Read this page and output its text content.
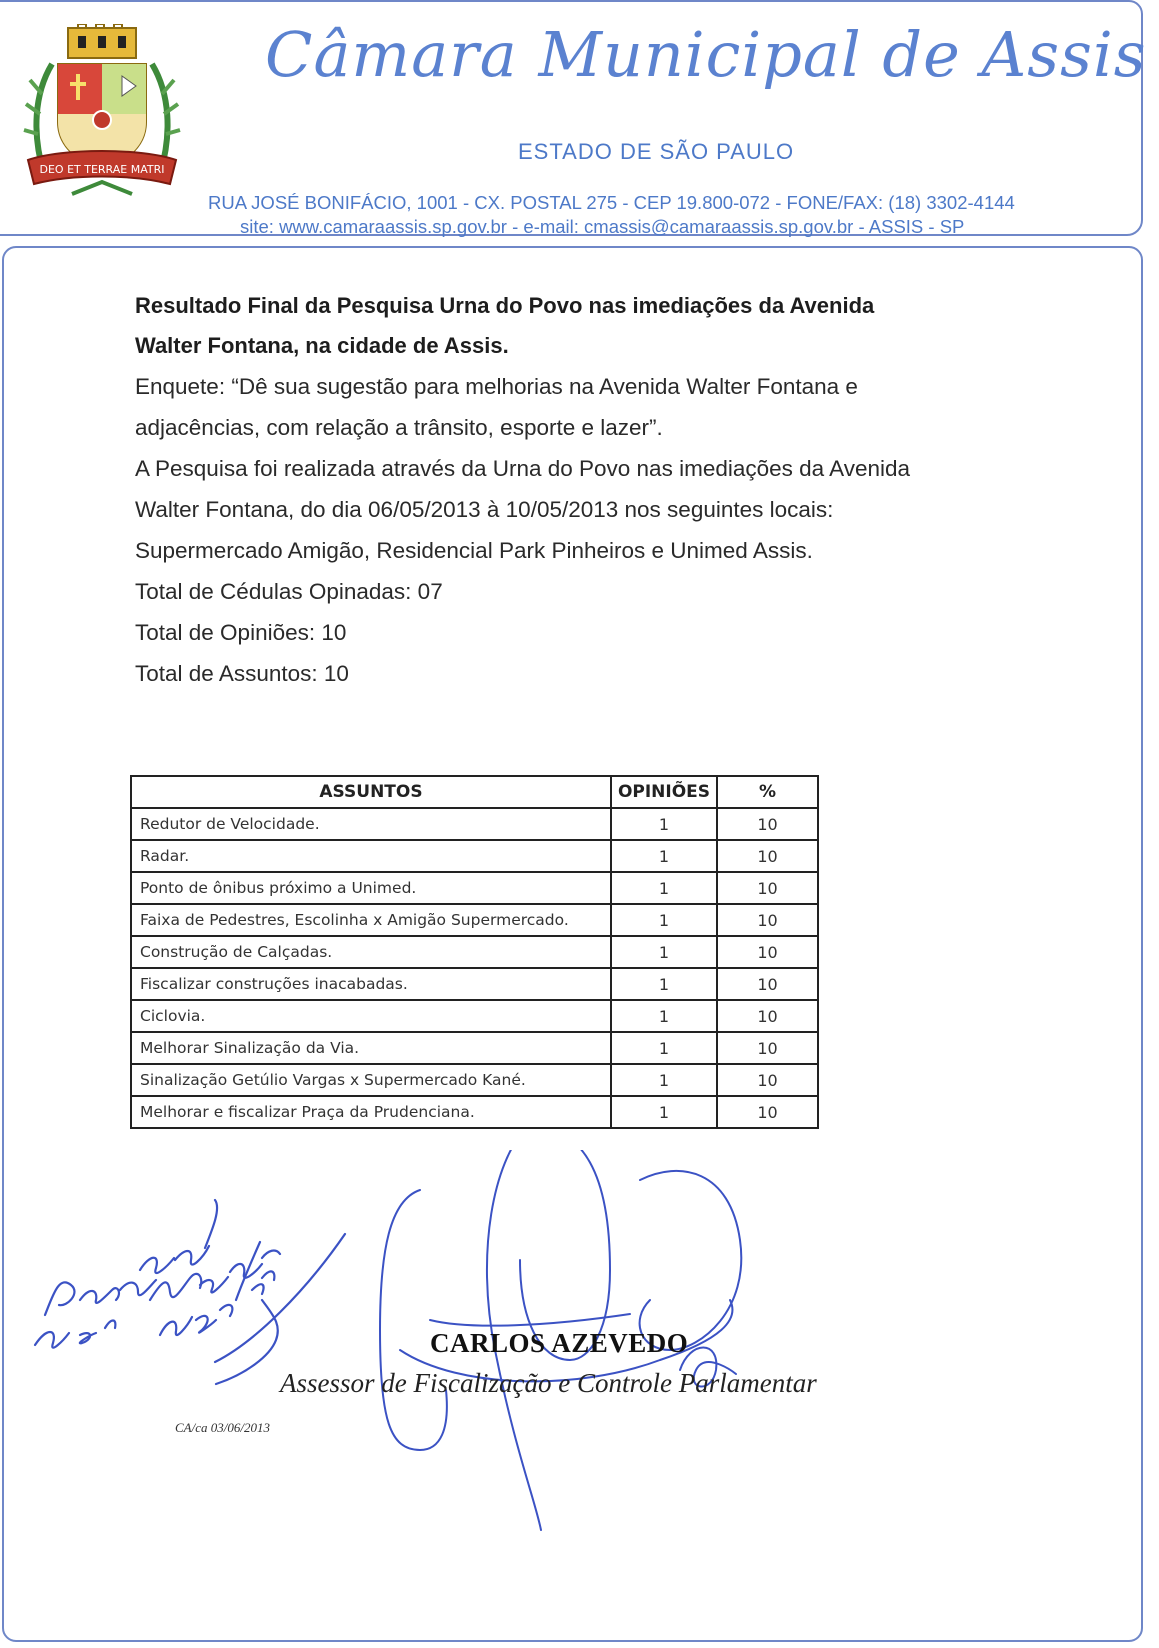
DEO ET TERRAE MATRI
Câmara Municipal de Assis
ESTADO DE SÃO PAULO
RUA JOSÉ BONIFÁCIO, 1001 - CX. POSTAL 275 - CEP 19.800-072 - FONE/FAX: (18) 3302-4144
site: www.camaraassis.sp.gov.br - e-mail: cmassis@camaraassis.sp.gov.br - ASSIS - SP
Resultado Final da Pesquisa Urna do Povo nas imediações da Avenida
Walter Fontana, na cidade de Assis.
Enquete: “Dê sua sugestão para melhorias na Avenida Walter Fontana e
adjacências, com relação a trânsito, esporte e lazer”.
A Pesquisa foi realizada através da Urna do Povo nas imediações da Avenida
Walter Fontana, do dia 06/05/2013 à 10/05/2013 nos seguintes locais:
Supermercado Amigão, Residencial Park Pinheiros e Unimed Assis.
Total de Cédulas Opinadas: 07
Total de Opiniões: 10
Total de Assuntos: 10
ASSUNTOS	OPINIÕES	%
Redutor de Velocidade.	1	10
Radar.	1	10
Ponto de ônibus próximo a Unimed.	1	10
Faixa de Pedestres, Escolinha x Amigão Supermercado.	1	10
Construção de Calçadas.	1	10
Fiscalizar construções inacabadas.	1	10
Ciclovia.	1	10
Melhorar Sinalização da Via.	1	10
Sinalização Getúlio Vargas x Supermercado Kané.	1	10
Melhorar e fiscalizar Praça da Prudenciana.	1	10
CARLOS AZEVEDO
Assessor de Fiscalização e Controle Parlamentar
CA/ca 03/06/2013
